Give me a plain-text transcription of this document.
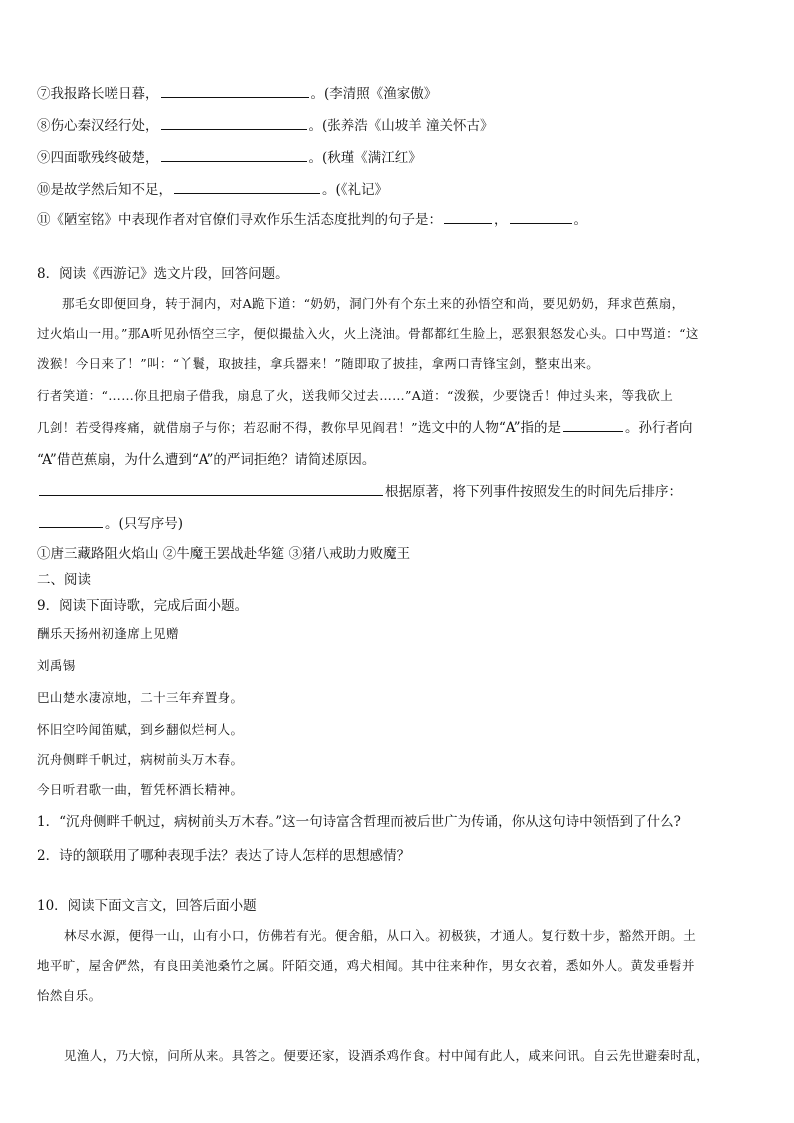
⑦我报路长嗟日暮，	。(李清照《渔家傲》
⑧伤心秦汉经行处，	。(张养浩《山坡羊 潼关怀古》
⑨四面歌残终破楚，	。(秋瑾《满江红》
⑩是故学然后知不足，	。(《礼记》
⑪《陋室铭》中表现作者对官僚们寻欢作乐生活态度批判的句子是：	，	。
8．阅读《西游记》选文片段，回答问题。
那毛女即便回身，转于洞内，对A跪下道：“奶奶，洞门外有个东土来的孙悟空和尚，要见奶奶，拜求芭蕉扇，
过火焰山一用。”那A听见孙悟空三字，便似撮盐入火，火上浇油。骨都都红生脸上，恶狠狠怒发心头。口中骂道：“这
泼猴！今日来了！”叫：“丫鬟，取披挂，拿兵器来！”随即取了披挂，拿两口青锋宝剑，整束出来。
行者笑道：“……你且把扇子借我，扇息了火，送我师父过去……”A道：“泼猴，少要饶舌！伸过头来，等我砍上
几剑！若受得疼痛，就借扇子与你；若忍耐不得，教你早见阎君！”选文中的人物“A”指的是	。孙行者向
“A”借芭蕉扇，为什么遭到“A”的严词拒绝？请简述原因。
根据原著，将下列事件按照发生的时间先后排序：
。(只写序号)
①唐三藏路阻火焰山 ②牛魔王罢战赴华筵 ③猪八戒助力败魔王
二、阅读
9．阅读下面诗歌，完成后面小题。
酬乐天扬州初逢席上见赠
刘禹锡
巴山楚水凄凉地，二十三年弃置身。
怀旧空吟闻笛赋，到乡翻似烂柯人。
沉舟侧畔千帆过，病树前头万木春。
今日听君歌一曲，暂凭杯酒长精神。
1．“沉舟侧畔千帆过，病树前头万木春。”这一句诗富含哲理而被后世广为传诵，你从这句诗中领悟到了什么?
2．诗的颔联用了哪种表现手法？表达了诗人怎样的思想感情？
10．阅读下面文言文，回答后面小题
林尽水源，便得一山，山有小口，仿佛若有光。便舍船，从口入。初极狭，才通人。复行数十步，豁然开朗。土
地平旷，屋舍俨然，有良田美池桑竹之属。阡陌交通，鸡犬相闻。其中往来种作，男女衣着，悉如外人。黄发垂髫并
怡然自乐。
见渔人，乃大惊，问所从来。具答之。便要还家，设酒杀鸡作食。村中闻有此人，咸来问讯。自云先世避秦时乱，
